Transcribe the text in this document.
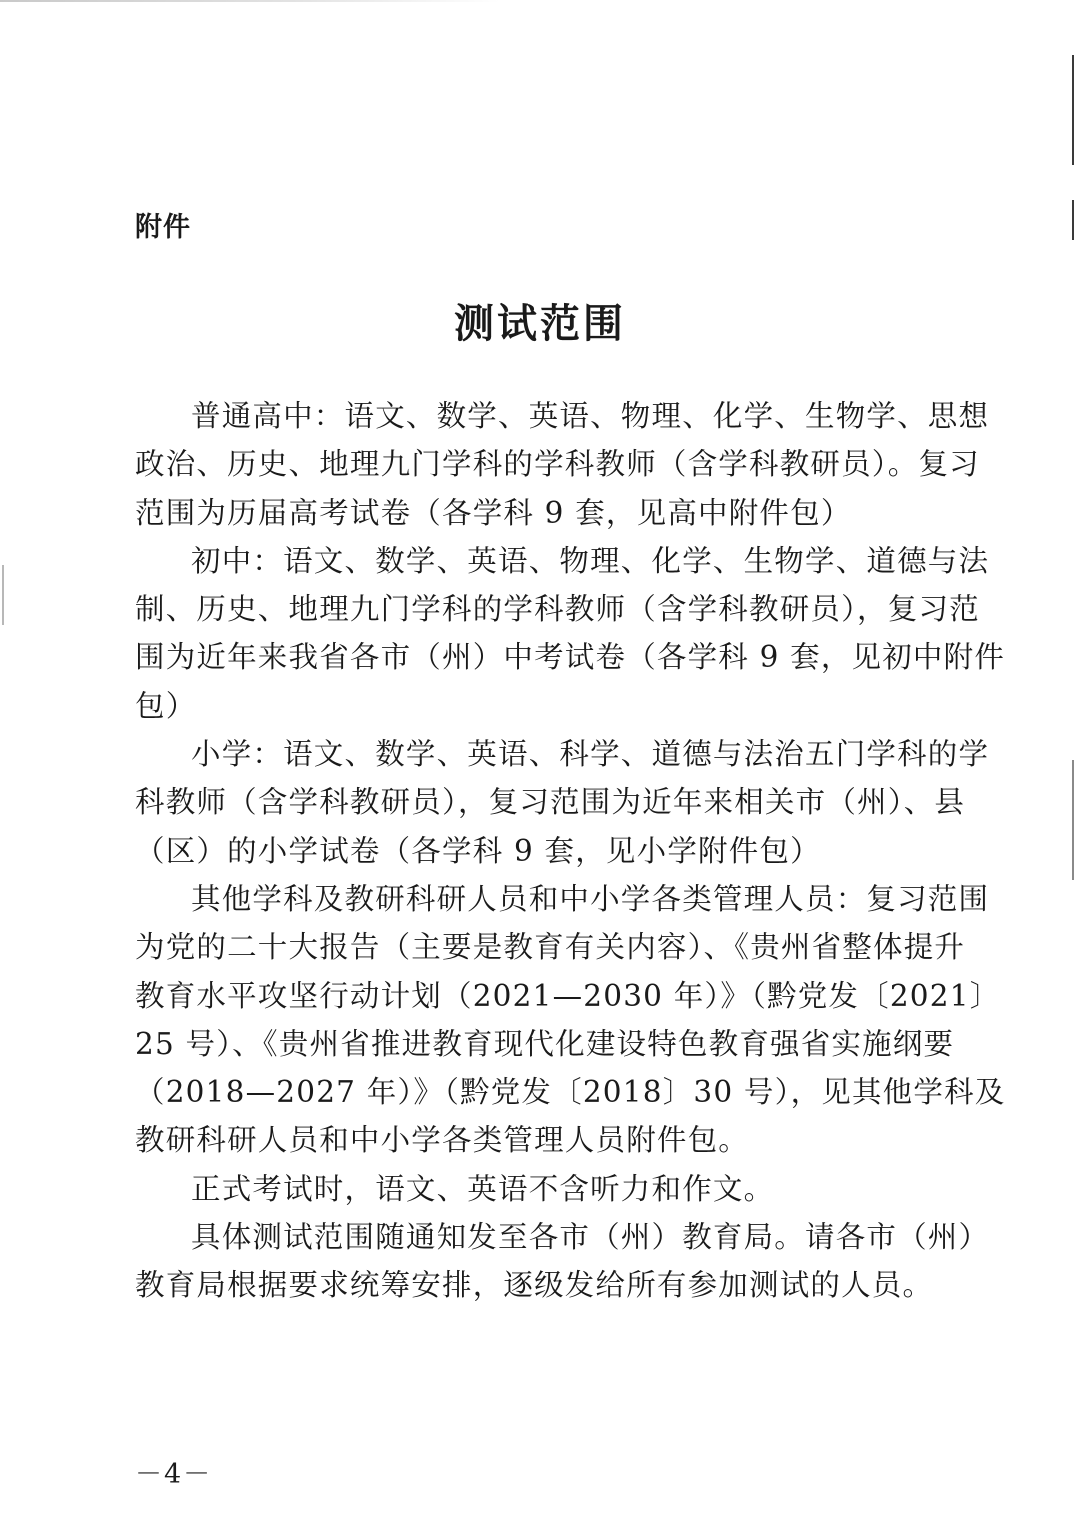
附件
测试范围
普通高中：语文、数学、英语、物理、化学、生物学、思想
政治、历史、地理九门学科的学科教师（含学科教研员）。复习
范围为历届高考试卷（各学科 9 套，见高中附件包）
初中：语文、数学、英语、物理、化学、生物学、道德与法
制、历史、地理九门学科的学科教师（含学科教研员），复习范
围为近年来我省各市（州）中考试卷（各学科 9 套，见初中附件
包）
小学：语文、数学、英语、科学、道德与法治五门学科的学
科教师（含学科教研员），复习范围为近年来相关市（州）、县
（区）的小学试卷（各学科 9 套，见小学附件包）
其他学科及教研科研人员和中小学各类管理人员：复习范围
为党的二十大报告（主要是教育有关内容）、《贵州省整体提升
教育水平攻坚行动计划（2021—2030 年）》（黔党发〔2021〕
25 号）、《贵州省推进教育现代化建设特色教育强省实施纲要
（2018—2027 年）》（黔党发〔2018〕30 号），见其他学科及
教研科研人员和中小学各类管理人员附件包。
正式考试时，语文、英语不含听力和作文。
具体测试范围随通知发至各市（州）教育局。请各市（州）
教育局根据要求统筹安排，逐级发给所有参加测试的人员。
－4－
